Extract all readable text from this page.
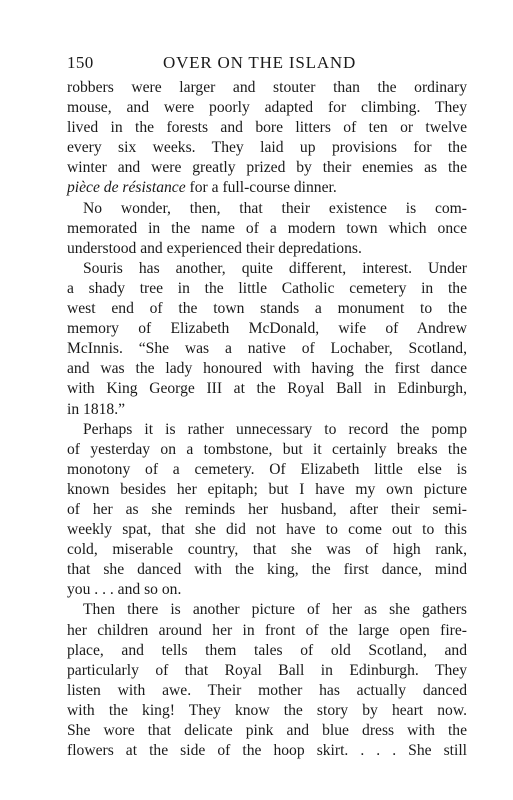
150	OVER ON THE ISLAND
robbers were larger and stouter than the ordinary
mouse, and were poorly adapted for climbing. They
lived in the forests and bore litters of ten or twelve
every six weeks. They laid up provisions for the
winter and were greatly prized by their enemies as the
pièce de résistance for a full-course dinner.
No wonder, then, that their existence is com-
memorated in the name of a modern town which once
understood and experienced their depredations.
Souris has another, quite different, interest. Under
a shady tree in the little Catholic cemetery in the
west end of the town stands a monument to the
memory of Elizabeth McDonald, wife of Andrew
McInnis. “She was a native of Lochaber, Scotland,
and was the lady honoured with having the first dance
with King George III at the Royal Ball in Edinburgh,
in 1818.”
Perhaps it is rather unnecessary to record the pomp
of yesterday on a tombstone, but it certainly breaks the
monotony of a cemetery. Of Elizabeth little else is
known besides her epitaph; but I have my own picture
of her as she reminds her husband, after their semi-
weekly spat, that she did not have to come out to this
cold, miserable country, that she was of high rank,
that she danced with the king, the first dance, mind
you . . . and so on.
Then there is another picture of her as she gathers
her children around her in front of the large open fire-
place, and tells them tales of old Scotland, and
particularly of that Royal Ball in Edinburgh. They
listen with awe. Their mother has actually danced
with the king! They know the story by heart now.
She wore that delicate pink and blue dress with the
flowers at the side of the hoop skirt. . . . She still
